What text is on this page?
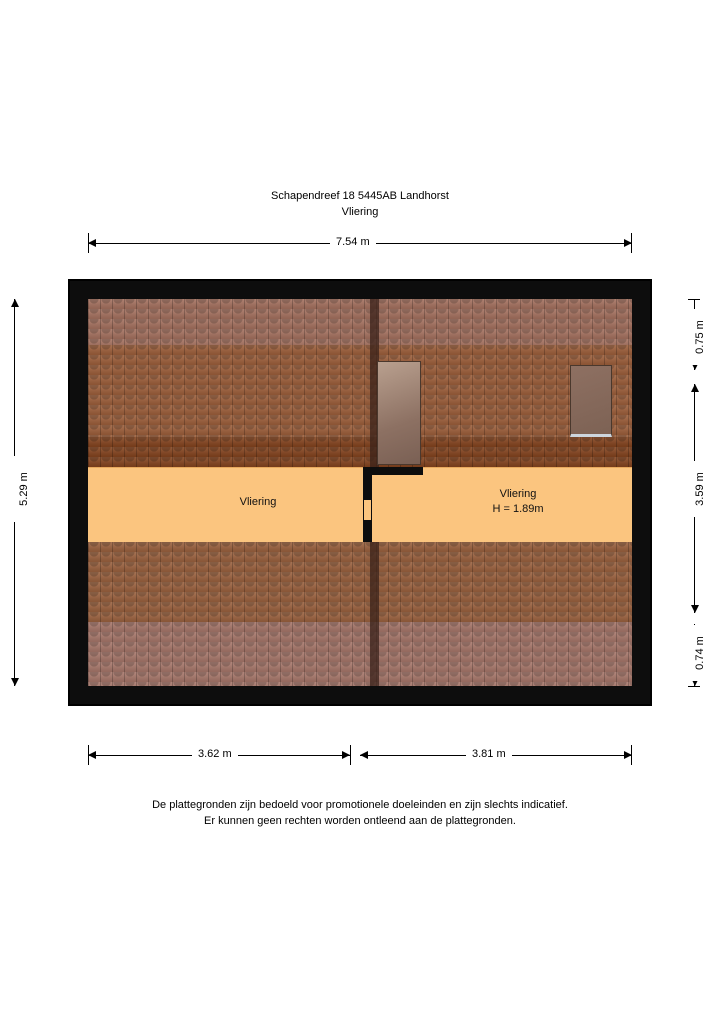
Schapendreef 18 5445AB Landhorst
Vliering
7.54 m
5.29 m
0.75 m
3.59 m
0.74 m
Vliering
Vliering
H = 1.89m
3.62 m	3.81 m
De plattegronden zijn bedoeld voor promotionele doeleinden en zijn slechts indicatief.
Er kunnen geen rechten worden ontleend aan de plattegronden.
